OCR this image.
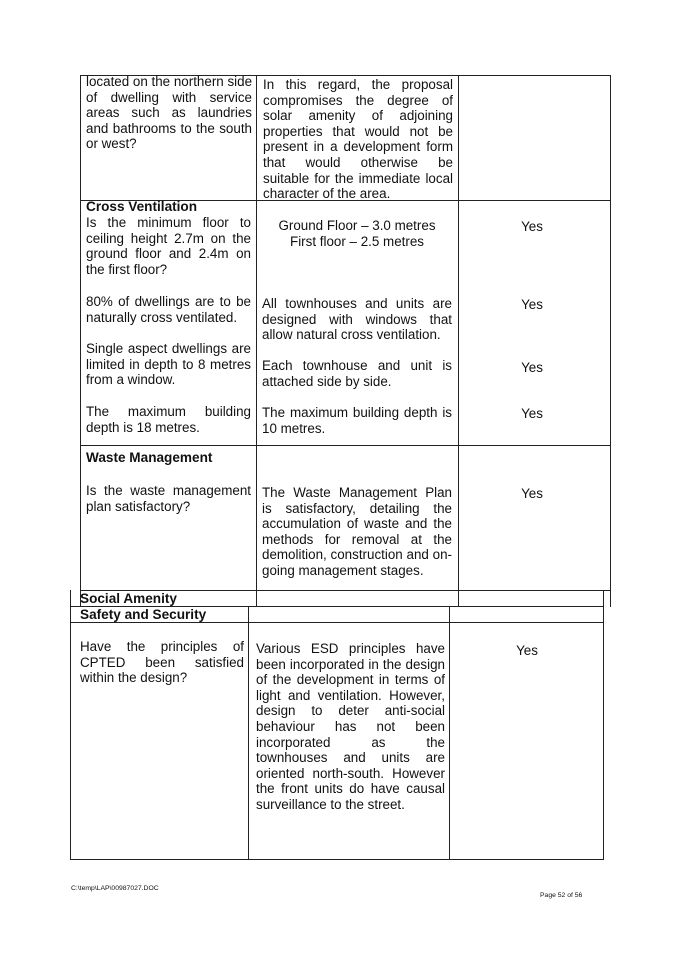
located on the northern side of dwelling with service areas such as laundries and bathrooms to the south or west?
In this regard, the proposal compromises the degree of solar amenity of adjoining properties that would not be present in a development form that would otherwise be suitable for the immediate local character of the area.
Cross Ventilation
Is the minimum floor to ceiling height 2.7m on the ground floor and 2.4m on the first floor?
Ground Floor – 3.0 metres
First floor – 2.5 metres
Yes
80% of dwellings are to be naturally cross ventilated.
All townhouses and units are designed with windows that allow natural cross ventilation.
Yes
Single aspect dwellings are limited in depth to 8 metres from a window.
Each townhouse and unit is attached side by side.
Yes
The maximum building depth is 18 metres.
The maximum building depth is 10 metres.
Yes
Waste Management
Is the waste management plan satisfactory?
The Waste Management Plan is satisfactory, detailing the accumulation of waste and the methods for removal at the demolition, construction and on-going management stages.
Yes
Social Amenity
Safety and Security
Have the principles of CPTED been satisfied within the design?
Various ESD principles have been incorporated in the design of the development in terms of light and ventilation. However, design to deter anti-social behaviour has not been incorporated as the townhouses and units are oriented north-south. However the front units do have causal surveillance to the street.
Yes
C:\temp\LAP\00987027.DOC
Page 52 of 56
